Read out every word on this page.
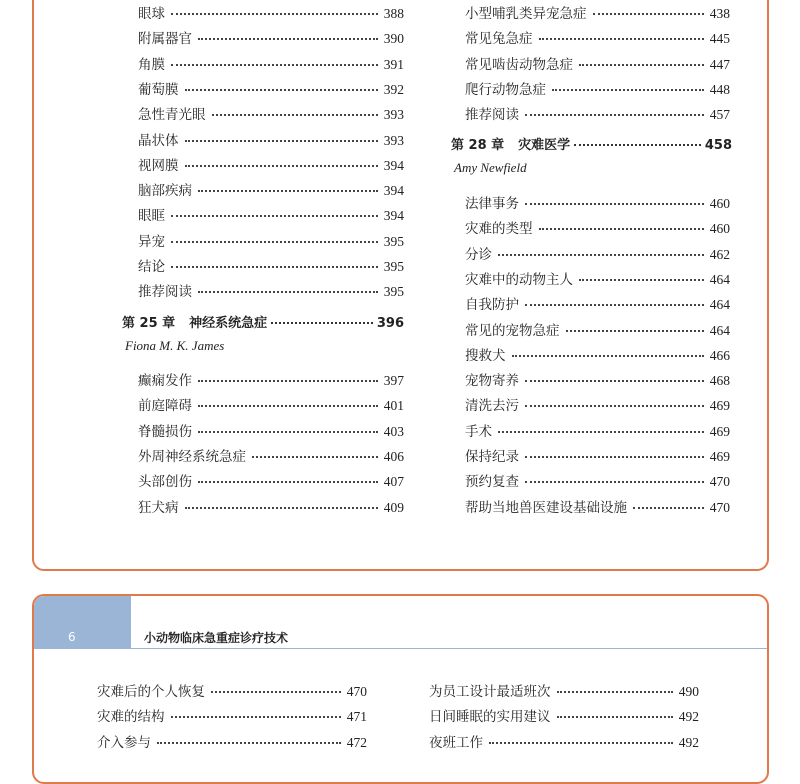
眼球	388
附属器官	390
角膜	391
葡萄膜	392
急性青光眼	393
晶状体	393
视网膜	394
脑部疾病	394
眼眶	394
异宠	395
结论	395
推荐阅读	395
第 25 章 神经系统急症	396
Fiona M. K. James
癫痫发作	397
前庭障碍	401
脊髓损伤	403
外周神经系统急症	406
头部创伤	407
狂犬病	409
小型哺乳类异宠急症	438
常见兔急症	445
常见啮齿动物急症	447
爬行动物急症	448
推荐阅读	457
第 28 章 灾难医学	458
Amy Newfield
法律事务	460
灾难的类型	460
分诊	462
灾难中的动物主人	464
自我防护	464
常见的宠物急症	464
搜救犬	466
宠物寄养	468
清洗去污	469
手术	469
保持纪录	469
预约复查	470
帮助当地兽医建设基础设施	470
6	小动物临床急重症诊疗技术
灾难后的个人恢复	470
灾难的结构	471
介入参与	472
为员工设计最适班次	490
日间睡眠的实用建议	492
夜班工作	492
